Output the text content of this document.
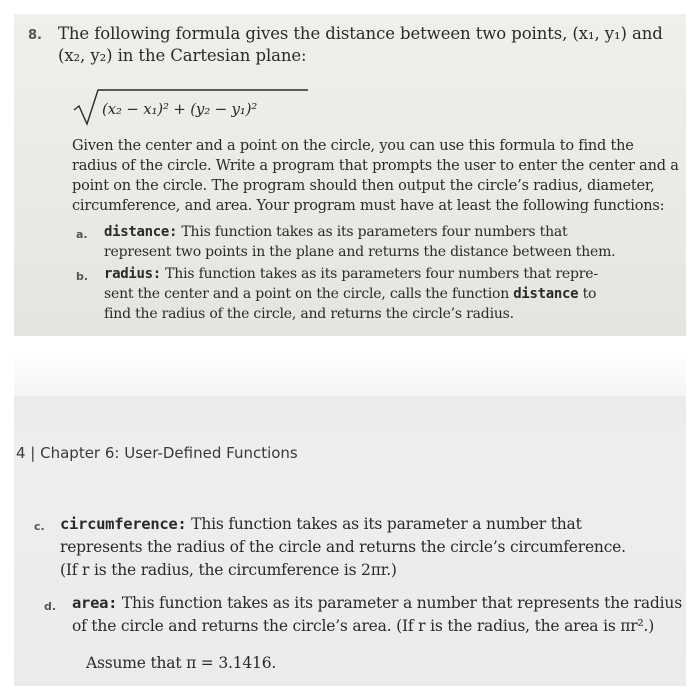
8. The following formula gives the distance between two points, (x₁, y₁) and
(x₂, y₂) in the Cartesian plane:
(x₂ − x₁)² + (y₂ − y₁)²
Given the center and a point on the circle, you can use this formula to find the
radius of the circle. Write a program that prompts the user to enter the center and a
point on the circle. The program should then output the circle’s radius, diameter,
circumference, and area. Your program must have at least the following functions:
a. distance: This function takes as its parameters four numbers that
represent two points in the plane and returns the distance between them.
b. radius: This function takes as its parameters four numbers that repre-
sent the center and a point on the circle, calls the function distance to
find the radius of the circle, and returns the circle’s radius.
4 | Chapter 6: User-Defined Functions
c. circumference: This function takes as its parameter a number that
represents the radius of the circle and returns the circle’s circumference.
(If r is the radius, the circumference is 2πr.)
d. area: This function takes as its parameter a number that represents the radius
of the circle and returns the circle’s area. (If r is the radius, the area is πr².)
Assume that π = 3.1416.
